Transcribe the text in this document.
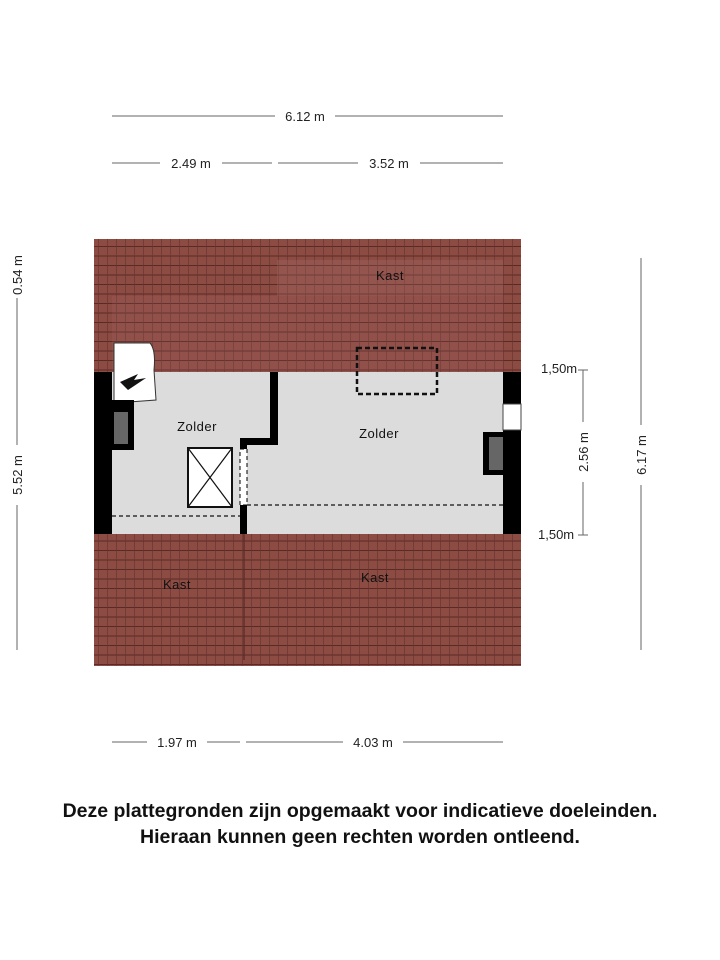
6.12 m
2.49 m	3.52 m
Kast
Zolder	Zolder
Kast	Kast
1.97 m	4.03 m
0.54 m
5.52 m
6.17 m
2.56 m
1,50m
1,50m
Deze plattegronden zijn opgemaakt voor indicatieve doeleinden.
Hieraan kunnen geen rechten worden ontleend.
